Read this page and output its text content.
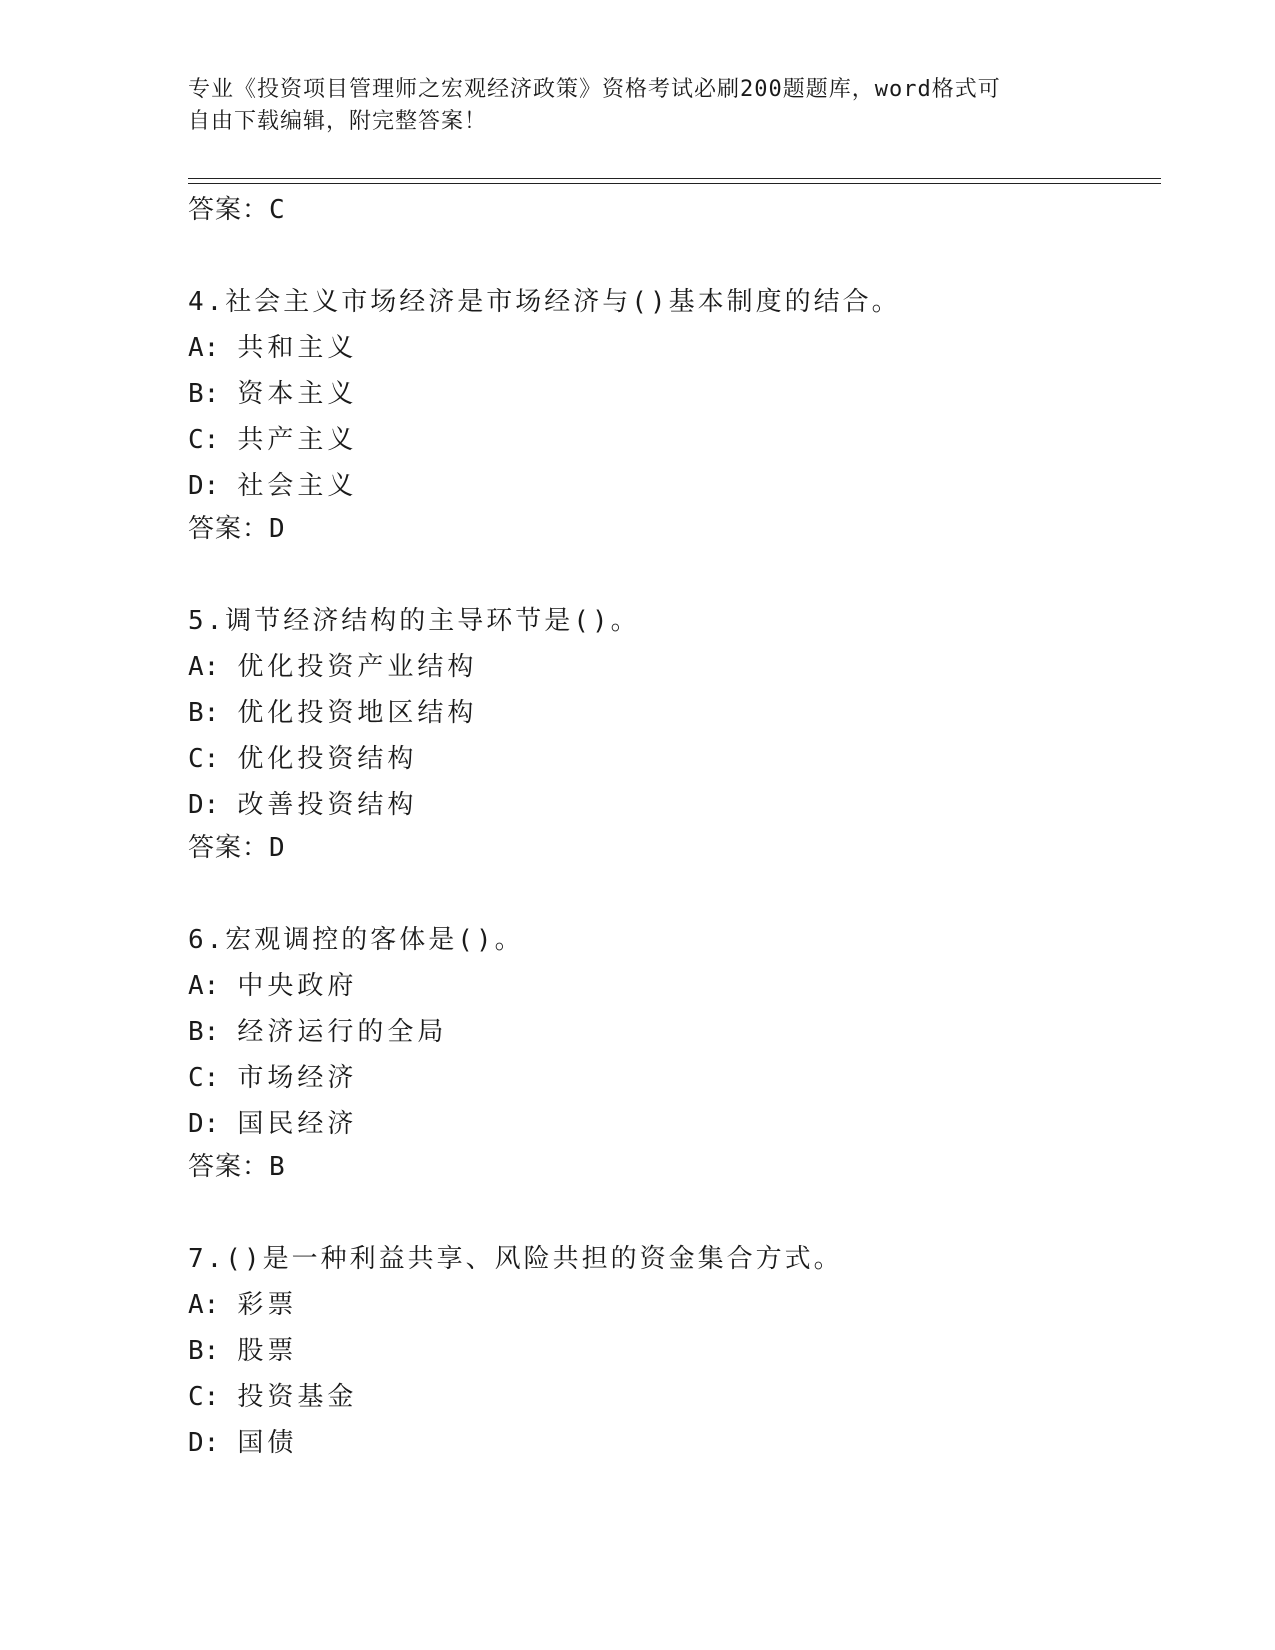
专业《投资项目管理师之宏观经济政策》资格考试必刷200题题库，word格式可
自由下载编辑，附完整答案！
答案：C
4.社会主义市场经济是市场经济与()基本制度的结合。
A: 共和主义
B: 资本主义
C: 共产主义
D: 社会主义
答案：D
5.调节经济结构的主导环节是()。
A: 优化投资产业结构
B: 优化投资地区结构
C: 优化投资结构
D: 改善投资结构
答案：D
6.宏观调控的客体是()。
A: 中央政府
B: 经济运行的全局
C: 市场经济
D: 国民经济
答案：B
7.()是一种利益共享、风险共担的资金集合方式。
A: 彩票
B: 股票
C: 投资基金
D: 国债
